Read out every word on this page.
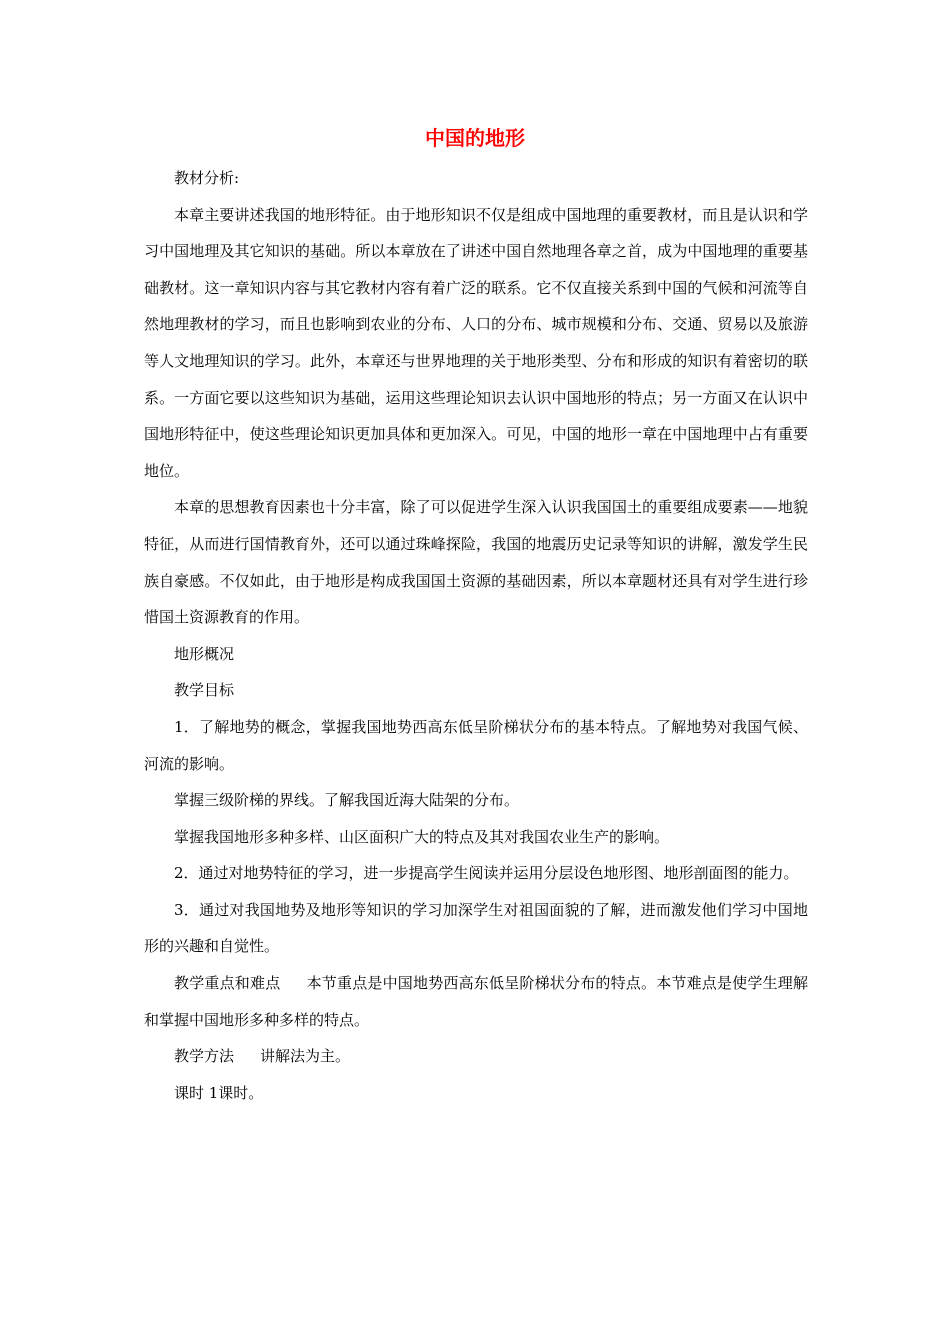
中国的地形

教材分析:

本章主要讲述我国的地形特征。由于地形知识不仅是组成中国地理的重要教材，而且是认识和学习中国地理及其它知识的基础。所以本章放在了讲述中国自然地理各章之首，成为中国地理的重要基础教材。这一章知识内容与其它教材内容有着广泛的联系。它不仅直接关系到中国的气候和河流等自然地理教材的学习，而且也影响到农业的分布、人口的分布、城市规模和分布、交通、贸易以及旅游等人文地理知识的学习。此外，本章还与世界地理的关于地形类型、分布和形成的知识有着密切的联系。一方面它要以这些知识为基础，运用这些理论知识去认识中国地形的特点；另一方面又在认识中国地形特征中，使这些理论知识更加具体和更加深入。可见，中国的地形一章在中国地理中占有重要地位。

本章的思想教育因素也十分丰富，除了可以促进学生深入认识我国国土的重要组成要素——地貌特征，从而进行国情教育外，还可以通过珠峰探险，我国的地震历史记录等知识的讲解，激发学生民族自豪感。不仅如此，由于地形是构成我国国土资源的基础因素，所以本章题材还具有对学生进行珍惜国土资源教育的作用。

地形概况

教学目标

1．了解地势的概念，掌握我国地势西高东低呈阶梯状分布的基本特点。了解地势对我国气候、河流的影响。

掌握三级阶梯的界线。了解我国近海大陆架的分布。

掌握我国地形多种多样、山区面积广大的特点及其对我国农业生产的影响。

2．通过对地势特征的学习，进一步提高学生阅读并运用分层设色地形图、地形剖面图的能力。

3．通过对我国地势及地形等知识的学习加深学生对祖国面貌的了解，进而激发他们学习中国地形的兴趣和自觉性。

教学重点和难点 本节重点是中国地势西高东低呈阶梯状分布的特点。本节难点是使学生理解和掌握中国地形多种多样的特点。

教学方法 讲解法为主。

课时 1课时。
